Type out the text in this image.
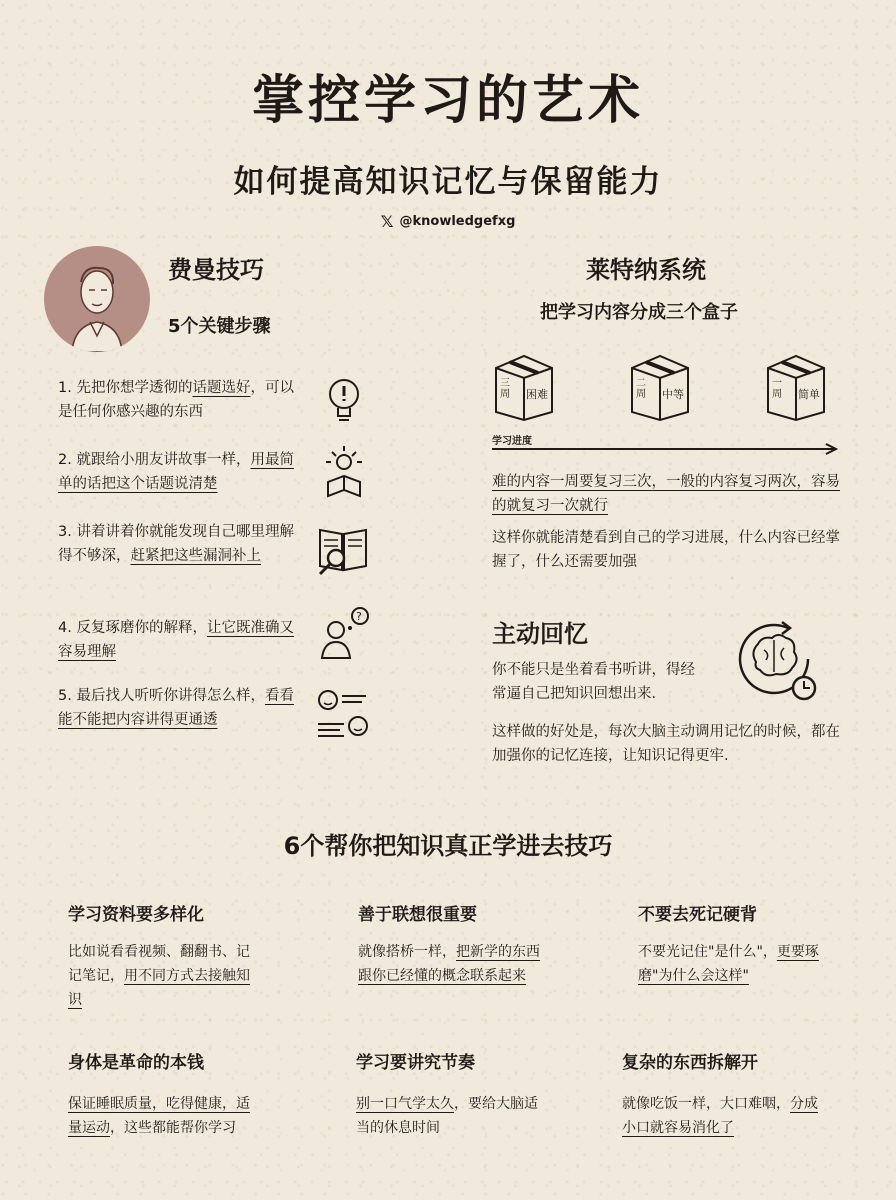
掌控学习的艺术
如何提高知识记忆与保留能力
𝕏 @knowledgefxg
费曼技巧
5个关键步骤
1. 先把你想学透彻的话题选好，可以是任何你感兴趣的东西
2. 就跟给小朋友讲故事一样，用最简单的话把这个话题说清楚
3. 讲着讲着你就能发现自己哪里理解得不够深，赶紧把这些漏洞补上
4. 反复琢磨你的解释，让它既准确又容易理解
?
5. 最后找人听听你讲得怎么样，看看能不能把内容讲得更通透
莱特纳系统
把学习内容分成三个盒子
三周 困难
二周 中等
一周 简单
学习进度
难的内容一周要复习三次，一般的内容复习两次，容易的就复习一次就行
这样你就能清楚看到自己的学习进展，什么内容已经掌握了，什么还需要加强
主动回忆
你不能只是坐着看书听讲，得经常逼自己把知识回想出来.
这样做的好处是，每次大脑主动调用记忆的时候，都在加强你的记忆连接，让知识记得更牢.
6个帮你把知识真正学进去技巧
学习资料要多样化
比如说看看视频、翻翻书、记记笔记，用不同方式去接触知识
善于联想很重要
就像搭桥一样，把新学的东西跟你已经懂的概念联系起来
不要去死记硬背
不要光记住"是什么"，更要琢磨"为什么会这样"
身体是革命的本钱
保证睡眠质量，吃得健康，适量运动，这些都能帮你学习
学习要讲究节奏
别一口气学太久，要给大脑适当的休息时间
复杂的东西拆解开
就像吃饭一样，大口难咽，分成小口就容易消化了
